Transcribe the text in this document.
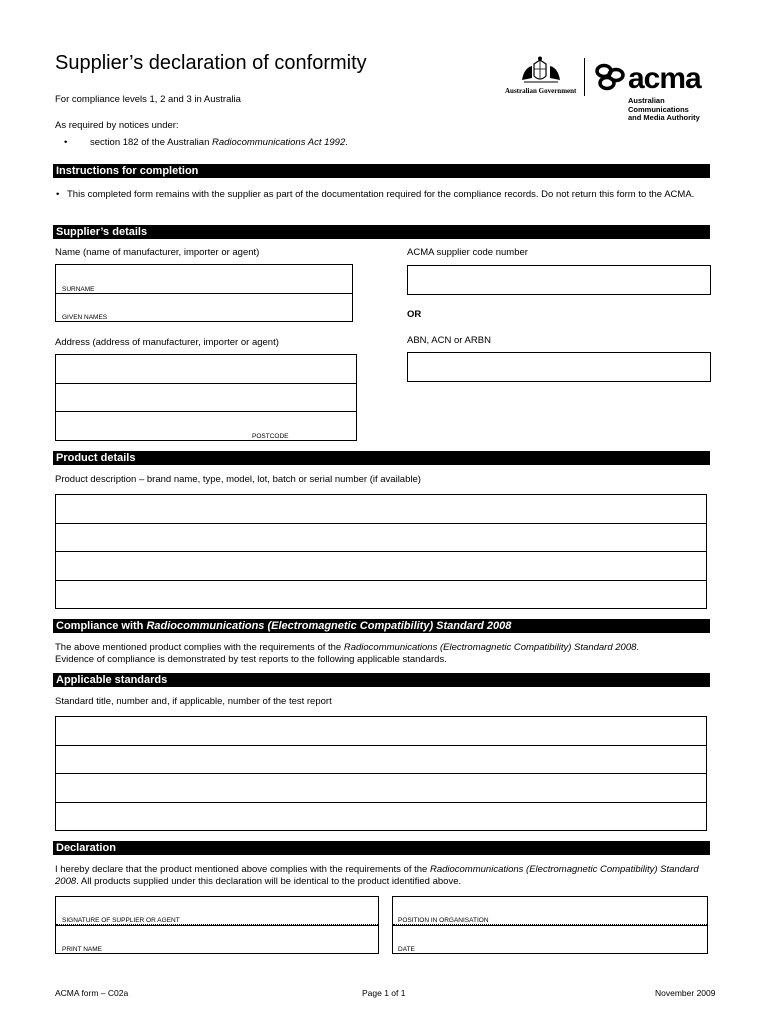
Supplier’s declaration of conformity
For compliance levels 1, 2 and 3 in Australia
As required by notices under:
• section 182 of the Australian Radiocommunications Act 1992.
Australian Government acma
Australian
Communications
and Media Authority
Instructions for completion
• This completed form remains with the supplier as part of the documentation required for the compliance records. Do not return this form to the ACMA.
Supplier’s details
Name (name of manufacturer, importer or agent)	ACMA supplier code number
SURNAME
GIVEN NAMES	OR
ABN, ACN or ARBN
Address (address of manufacturer, importer or agent)
POSTCODE
Product details
Product description – brand name, type, model, lot, batch or serial number (if available)
Compliance with Radiocommunications (Electromagnetic Compatibility) Standard 2008
The above mentioned product complies with the requirements of the Radiocommunications (Electromagnetic Compatibility) Standard 2008.
Evidence of compliance is demonstrated by test reports to the following applicable standards.
Applicable standards
Standard title, number and, if applicable, number of the test report
Declaration
I hereby declare that the product mentioned above complies with the requirements of the Radiocommunications (Electromagnetic Compatibility) Standard 2008. All products supplied under this declaration will be identical to the product identified above.
SIGNATURE OF SUPPLIER OR AGENT
PRINT NAME
POSITION IN ORGANISATION
DATE
ACMA form – C02a	Page 1 of 1	November 2009
